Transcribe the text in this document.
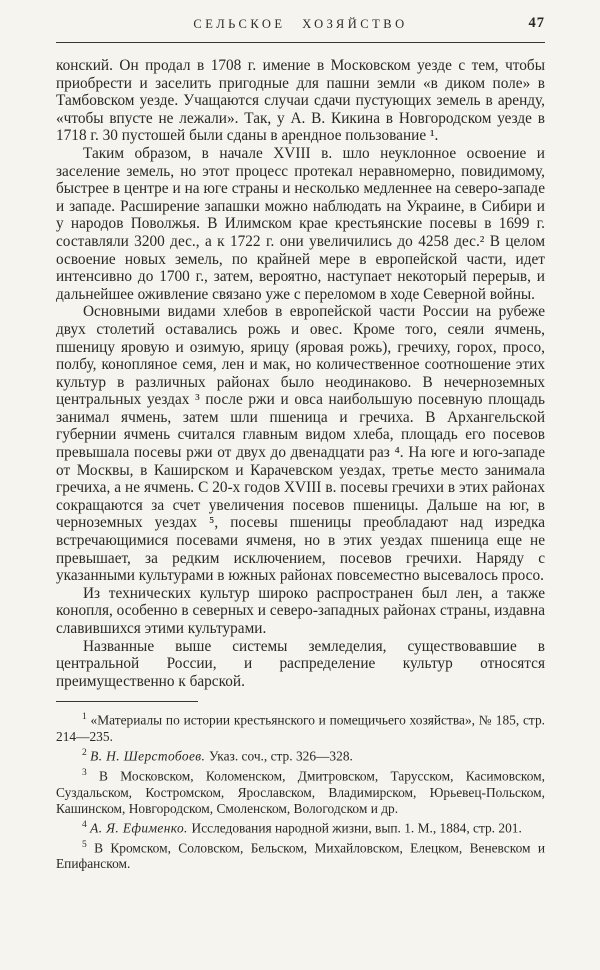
СЕЛЬСКОЕ ХОЗЯЙСТВО	47

конский. Он продал в 1708 г. имение в Московском уезде с тем, чтобы приобрести и заселить пригодные для пашни земли «в диком поле» в Тамбовском уезде. Учащаются случаи сдачи пустующих земель в аренду, «чтобы впусте не лежали». Так, у А. В. Кикина в Новгородском уезде в 1718 г. 30 пустошей были сданы в арендное пользование ¹.

Таким образом, в начале XVIII в. шло неуклонное освоение и заселение земель, но этот процесс протекал неравномерно, повидимому, быстрее в центре и на юге страны и несколько медленнее на северо-западе и западе. Расширение запашки можно наблюдать на Украине, в Сибири и у народов Поволжья. В Илимском крае крестьянские посевы в 1699 г. составляли 3200 дес., а к 1722 г. они увеличились до 4258 дес.² В целом освоение новых земель, по крайней мере в европейской части, идет интенсивно до 1700 г., затем, вероятно, наступает некоторый перерыв, и дальнейшее оживление связано уже с переломом в ходе Северной войны.

Основными видами хлебов в европейской части России на рубеже двух столетий оставались рожь и овес. Кроме того, сеяли ячмень, пшеницу яровую и озимую, ярицу (яровая рожь), гречиху, горох, просо, полбу, конопляное семя, лен и мак, но количественное соотношение этих культур в различных районах было неодинаково. В нечерноземных центральных уездах ³ после ржи и овса наибольшую посевную площадь занимал ячмень, затем шли пшеница и гречиха. В Архангельской губернии ячмень считался главным видом хлеба, площадь его посевов превышала посевы ржи от двух до двенадцати раз ⁴. На юге и юго-западе от Москвы, в Каширском и Карачевском уездах, третье место занимала гречиха, а не ячмень. С 20-х годов XVIII в. посевы гречихи в этих районах сокращаются за счет увеличения посевов пшеницы. Дальше на юг, в черноземных уездах ⁵, посевы пшеницы преобладают над изредка встречающимися посевами ячменя, но в этих уездах пшеница еще не превышает, за редким исключением, посевов гречихи. Наряду с указанными культурами в южных районах повсеместно высевалось просо.

Из технических культур широко распространен был лен, а также конопля, особенно в северных и северо-западных районах страны, издавна славившихся этими культурами.

Названные выше системы земледелия, существовавшие в центральной России, и распределение культур относятся преимущественно к барской.

$^1$ «Материалы по истории крестьянского и помещичьего хозяйства», № 185, стр. 214—235.

$^2$ В. Н. Шерстобоев. Указ. соч., стр. 326—328.

$^3$ В Московском, Коломенском, Дмитровском, Тарусском, Касимовском, Суздальском, Костромском, Ярославском, Владимирском, Юрьевец-Польском, Кашинском, Новгородском, Смоленском, Вологодском и др.

$^4$ А. Я. Ефименко. Исследования народной жизни, вып. 1. М., 1884, стр. 201.

$^5$ В Кромском, Соловском, Бельском, Михайловском, Елецком, Веневском и Епифанском.
